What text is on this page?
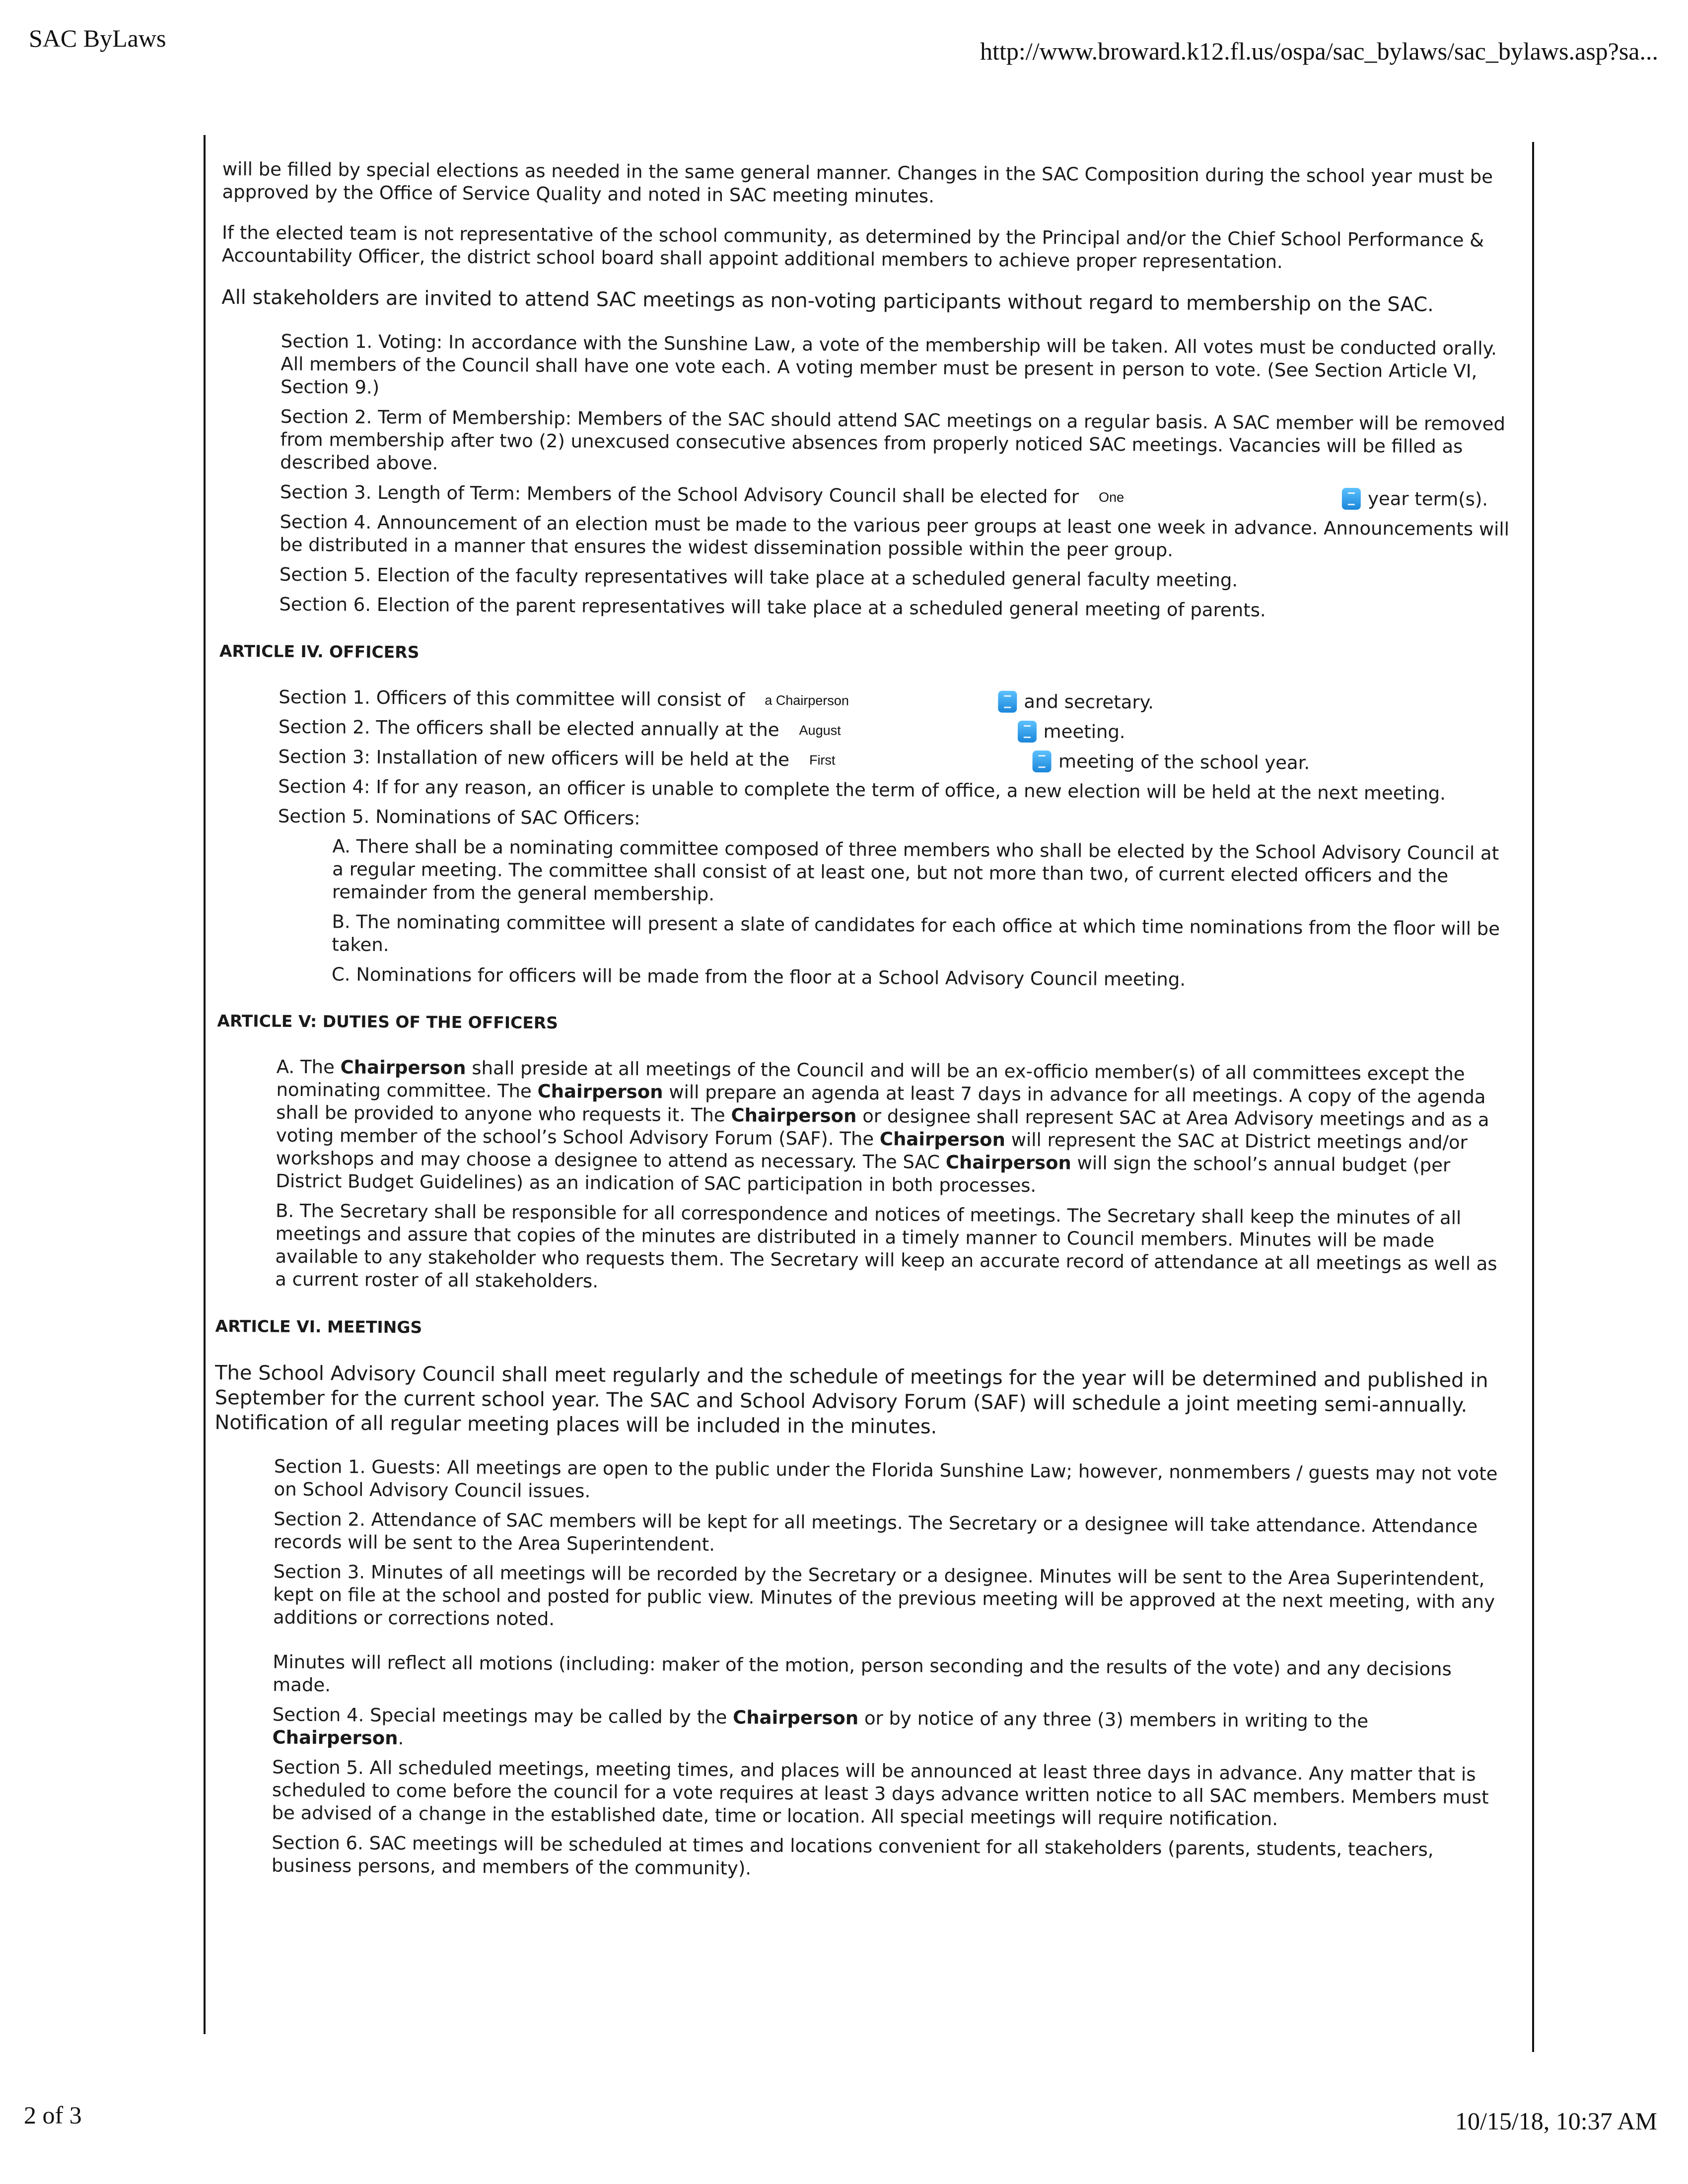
SAC ByLaws	http://www.broward.k12.fl.us/ospa/sac_bylaws/sac_bylaws.asp?sa...

will be filled by special elections as needed in the same general manner. Changes in the SAC Composition during the school year must be approved by the Office of Service Quality and noted in SAC meeting minutes.

If the elected team is not representative of the school community, as determined by the Principal and/or the Chief School Performance & Accountability Officer, the district school board shall appoint additional members to achieve proper representation.

All stakeholders are invited to attend SAC meetings as non-voting participants without regard to membership on the SAC.

Section 1. Voting: In accordance with the Sunshine Law, a vote of the membership will be taken. All votes must be conducted orally. All members of the Council shall have one vote each. A voting member must be present in person to vote. (See Section Article VI, Section 9.)

Section 2. Term of Membership: Members of the SAC should attend SAC meetings on a regular basis. A SAC member will be removed from membership after two (2) unexcused consecutive absences from properly noticed SAC meetings. Vacancies will be filled as described above.

Section 3. Length of Term: Members of the School Advisory Council shall be elected for One	year term(s).

Section 4. Announcement of an election must be made to the various peer groups at least one week in advance. Announcements will be distributed in a manner that ensures the widest dissemination possible within the peer group.

Section 5. Election of the faculty representatives will take place at a scheduled general faculty meeting.

Section 6. Election of the parent representatives will take place at a scheduled general meeting of parents.

ARTICLE IV. OFFICERS
Section 1. Officers of this committee will consist of a Chairperson	and secretary.
Section 2. The officers shall be elected annually at the August	meeting.
Section 3: Installation of new officers will be held at the First	meeting of the school year.

Section 4: If for any reason, an officer is unable to complete the term of office, a new election will be held at the next meeting.

Section 5. Nominations of SAC Officers:

A. There shall be a nominating committee composed of three members who shall be elected by the School Advisory Council at a regular meeting. The committee shall consist of at least one, but not more than two, of current elected officers and the remainder from the general membership.

B. The nominating committee will present a slate of candidates for each office at which time nominations from the floor will be taken.

C. Nominations for officers will be made from the floor at a School Advisory Council meeting.

ARTICLE V: DUTIES OF THE OFFICERS

A. The Chairperson shall preside at all meetings of the Council and will be an ex-officio member(s) of all committees except the nominating committee. The Chairperson will prepare an agenda at least 7 days in advance for all meetings. A copy of the agenda shall be provided to anyone who requests it. The Chairperson or designee shall represent SAC at Area Advisory meetings and as a voting member of the school’s School Advisory Forum (SAF). The Chairperson will represent the SAC at District meetings and/or workshops and may choose a designee to attend as necessary. The SAC Chairperson will sign the school’s annual budget (per District Budget Guidelines) as an indication of SAC participation in both processes.

B. The Secretary shall be responsible for all correspondence and notices of meetings. The Secretary shall keep the minutes of all meetings and assure that copies of the minutes are distributed in a timely manner to Council members. Minutes will be made available to any stakeholder who requests them. The Secretary will keep an accurate record of attendance at all meetings as well as a current roster of all stakeholders.

ARTICLE VI. MEETINGS

The School Advisory Council shall meet regularly and the schedule of meetings for the year will be determined and published in September for the current school year. The SAC and School Advisory Forum (SAF) will schedule a joint meeting semi-annually. Notification of all regular meeting places will be included in the minutes.

Section 1. Guests: All meetings are open to the public under the Florida Sunshine Law; however, nonmembers / guests may not vote on School Advisory Council issues.

Section 2. Attendance of SAC members will be kept for all meetings. The Secretary or a designee will take attendance. Attendance records will be sent to the Area Superintendent.

Section 3. Minutes of all meetings will be recorded by the Secretary or a designee. Minutes will be sent to the Area Superintendent, kept on file at the school and posted for public view. Minutes of the previous meeting will be approved at the next meeting, with any additions or corrections noted.

Minutes will reflect all motions (including: maker of the motion, person seconding and the results of the vote) and any decisions made.

Section 4. Special meetings may be called by the Chairperson or by notice of any three (3) members in writing to the Chairperson.

Section 5. All scheduled meetings, meeting times, and places will be announced at least three days in advance. Any matter that is scheduled to come before the council for a vote requires at least 3 days advance written notice to all SAC members. Members must be advised of a change in the established date, time or location. All special meetings will require notification.

Section 6. SAC meetings will be scheduled at times and locations convenient for all stakeholders (parents, students, teachers, business persons, and members of the community).

2 of 3	10/15/18, 10:37 AM
